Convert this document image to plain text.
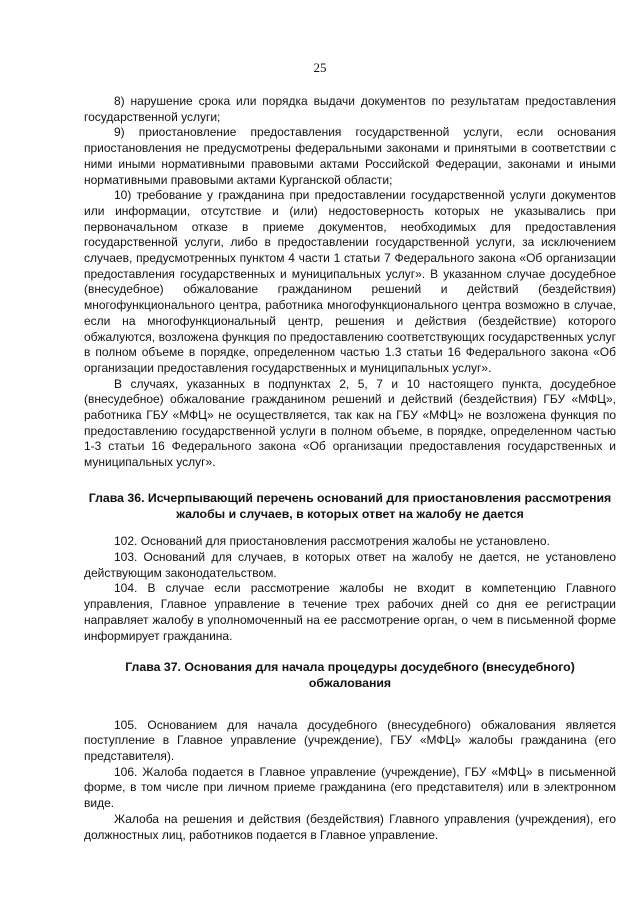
25

8) нарушение срока или порядка выдачи документов по результатам предоставления государственной услуги;

9) приостановление предоставления государственной услуги, если основания приостановления не предусмотрены федеральными законами и принятыми в соответствии с ними иными нормативными правовыми актами Российской Федерации, законами и иными нормативными правовыми актами Курганской области;

10) требование у гражданина при предоставлении государственной услуги документов или информации, отсутствие и (или) недостоверность которых не указывались при первоначальном отказе в приеме документов, необходимых для предоставления государственной услуги, либо в предоставлении государственной услуги, за исключением случаев, предусмотренных пунктом 4 части 1 статьи 7 Федерального закона «Об организации предоставления государственных и муниципальных услуг». В указанном случае досудебное (внесудебное) обжалование гражданином решений и действий (бездействия) многофункционального центра, работника многофункционального центра возможно в случае, если на многофункциональный центр, решения и действия (бездействие) которого обжалуются, возложена функция по предоставлению соответствующих государственных услуг в полном объеме в порядке, определенном частью 1.3 статьи 16 Федерального закона «Об организации предоставления государственных и муниципальных услуг».

В случаях, указанных в подпунктах 2, 5, 7 и 10 настоящего пункта, досудебное (внесудебное) обжалование гражданином решений и действий (бездействия) ГБУ «МФЦ», работника ГБУ «МФЦ» не осуществляется, так как на ГБУ «МФЦ» не возложена функция по предоставлению государственной услуги в полном объеме, в порядке, определенном частью 1-3 статьи 16 Федерального закона «Об организации предоставления государственных и муниципальных услуг».

Глава 36. Исчерпывающий перечень оснований для приостановления рассмотрения жалобы и случаев, в которых ответ на жалобу не дается

102. Оснований для приостановления рассмотрения жалобы не установлено.

103. Оснований для случаев, в которых ответ на жалобу не дается, не установлено действующим законодательством.

104. В случае если рассмотрение жалобы не входит в компетенцию Главного управления, Главное управление в течение трех рабочих дней со дня ее регистрации направляет жалобу в уполномоченный на ее рассмотрение орган, о чем в письменной форме информирует гражданина.

Глава 37. Основания для начала процедуры досудебного (внесудебного) обжалования

105. Основанием для начала досудебного (внесудебного) обжалования является поступление в Главное управление (учреждение), ГБУ «МФЦ» жалобы гражданина (его представителя).

106. Жалоба подается в Главное управление (учреждение), ГБУ «МФЦ» в письменной форме, в том числе при личном приеме гражданина (его представителя) или в электронном виде.

Жалоба на решения и действия (бездействия) Главного управления (учреждения), его должностных лиц, работников подается в Главное управление.
